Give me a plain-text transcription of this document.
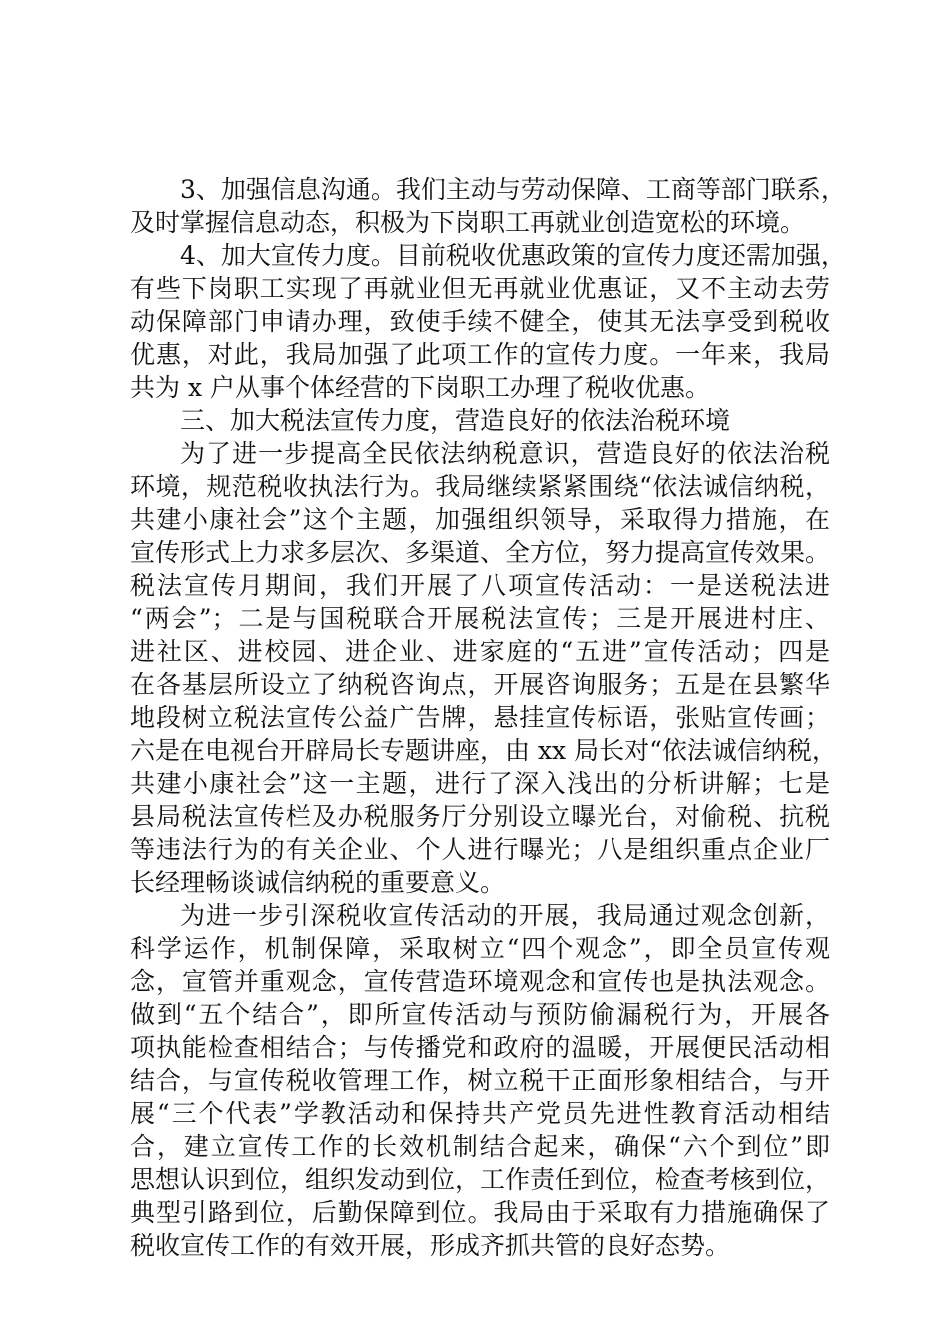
3、加强信息沟通。我们主动与劳动保障、工商等部门联系，
及时掌握信息动态，积极为下岗职工再就业创造宽松的环境。
4、加大宣传力度。目前税收优惠政策的宣传力度还需加强，
有些下岗职工实现了再就业但无再就业优惠证，又不主动去劳
动保障部门申请办理，致使手续不健全，使其无法享受到税收
优惠，对此，我局加强了此项工作的宣传力度。一年来，我局
共为 x 户从事个体经营的下岗职工办理了税收优惠。
三、加大税法宣传力度，营造良好的依法治税环境
为了进一步提高全民依法纳税意识，营造良好的依法治税
环境，规范税收执法行为。我局继续紧紧围绕“依法诚信纳税，
共建小康社会”这个主题，加强组织领导，采取得力措施，在
宣传形式上力求多层次、多渠道、全方位，努力提高宣传效果。
税法宣传月期间，我们开展了八项宣传活动：一是送税法进
“两会”；二是与国税联合开展税法宣传；三是开展进村庄、
进社区、进校园、进企业、进家庭的“五进”宣传活动；四是
在各基层所设立了纳税咨询点，开展咨询服务；五是在县繁华
地段树立税法宣传公益广告牌，悬挂宣传标语，张贴宣传画；
六是在电视台开辟局长专题讲座，由 xx 局长对“依法诚信纳税，
共建小康社会”这一主题，进行了深入浅出的分析讲解；七是
县局税法宣传栏及办税服务厅分别设立曝光台，对偷税、抗税
等违法行为的有关企业、个人进行曝光；八是组织重点企业厂
长经理畅谈诚信纳税的重要意义。
为进一步引深税收宣传活动的开展，我局通过观念创新，
科学运作，机制保障，采取树立“四个观念”，即全员宣传观
念，宣管并重观念，宣传营造环境观念和宣传也是执法观念。
做到“五个结合”，即所宣传活动与预防偷漏税行为，开展各
项执能检查相结合；与传播党和政府的温暖，开展便民活动相
结合，与宣传税收管理工作，树立税干正面形象相结合，与开
展“三个代表”学教活动和保持共产党员先进性教育活动相结
合，建立宣传工作的长效机制结合起来，确保“六个到位”即
思想认识到位，组织发动到位，工作责任到位，检查考核到位，
典型引路到位，后勤保障到位。我局由于采取有力措施确保了
税收宣传工作的有效开展，形成齐抓共管的良好态势。
